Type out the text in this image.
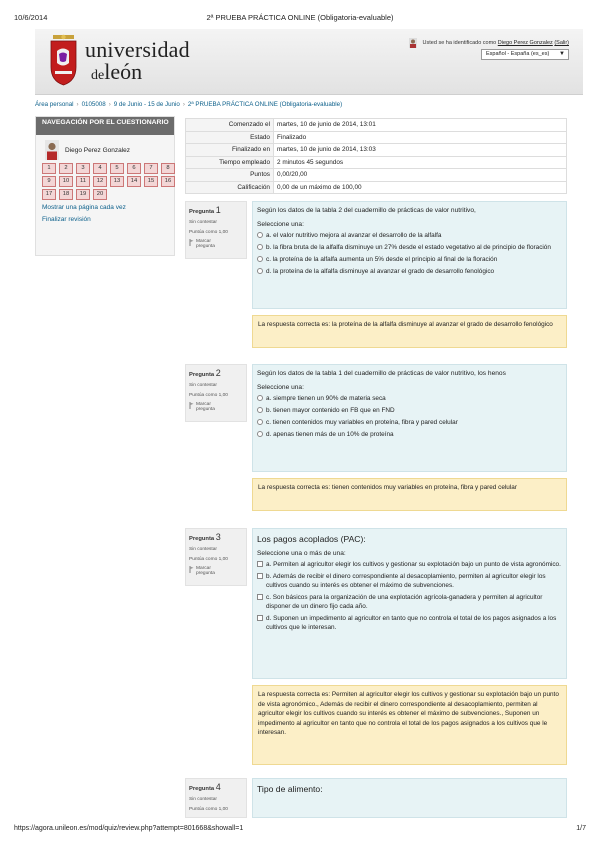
10/6/2014	2ª PRUEBA PRÁCTICA ONLINE (Obligatoria-evaluable)
universidad
deleón
Usted se ha identificado como Diego Perez Gonzalez (Salir)
Español - España (es_es) ▼
Área personal › 0105008 › 9 de Junio - 15 de Junio › 2ª PRUEBA PRÁCTICA ONLINE (Obligatoria-evaluable)
NAVEGACIÓN POR EL CUESTIONARIO
Diego Perez Gonzalez
1	2	3	4	5	6	7	8
9	10	11	12	13	14	15	16
17	18	19	20
Mostrar una página cada vez
Finalizar revisión
Comenzado el	martes, 10 de junio de 2014, 13:01
Estado	Finalizado
Finalizado en	martes, 10 de junio de 2014, 13:03
Tiempo empleado	2 minutos 45 segundos
Puntos	0,00/20,00
Calificación	0,00 de un máximo de 100,00
Pregunta 1
Sin contestar
Puntúa como 1,00
Marcar
pregunta
Según los datos de la tabla 2 del cuadernillo de prácticas de valor nutritivo,
Seleccione una:
a. el valor nutritivo mejora al avanzar el desarrollo de la alfalfa
b. la fibra bruta de la alfalfa disminuye un 27% desde el estado vegetativo al de principio de floración
c. la proteína de la alfalfa aumenta un 5% desde el principio al final de la floración
d. la proteína de la alfalfa disminuye al avanzar el grado de desarrollo fenológico
La respuesta correcta es: la proteína de la alfalfa disminuye al avanzar el grado de desarrollo fenológico
Pregunta 2
Sin contestar
Puntúa como 1,00
Marcar
pregunta
Según los datos de la tabla 1 del cuadernillo de prácticas de valor nutritivo, los henos
Seleccione una:
a. siempre tienen un 90% de materia seca
b. tienen mayor contenido en FB que en FND
c. tienen contenidos muy variables en proteína, fibra y pared celular
d. apenas tienen más de un 10% de proteína
La respuesta correcta es: tienen contenidos muy variables en proteína, fibra y pared celular
Pregunta 3
Sin contestar
Puntúa como 1,00
Marcar
pregunta
Los pagos acoplados (PAC):
Seleccione una o más de una:
a. Permiten al agricultor elegir los cultivos y gestionar su explotación bajo un punto de vista agronómico.
b. Además de recibir el dinero correspondiente al desacoplamiento, permiten al agricultor elegir los cultivos cuando su interés es obtener el máximo de subvenciones.
c. Son básicos para la organización de una explotación agrícola-ganadera y permiten al agricultor disponer de un dinero fijo cada año.
d. Suponen un impedimento al agricultor en tanto que no controla el total de los pagos asignados a los cultivos que le interesan.
La respuesta correcta es: Permiten al agricultor elegir los cultivos y gestionar su explotación bajo un punto de vista agronómico., Además de recibir el dinero correspondiente al desacoplamiento, permiten al agricultor elegir los cultivos cuando su interés es obtener el máximo de subvenciones., Suponen un impedimento al agricultor en tanto que no controla el total de los pagos asignados a los cultivos que le interesan.
Pregunta 4
Sin contestar
Puntúa como 1,00
Tipo de alimento:
https://agora.unileon.es/mod/quiz/review.php?attempt=801668&showall=1	1/7
